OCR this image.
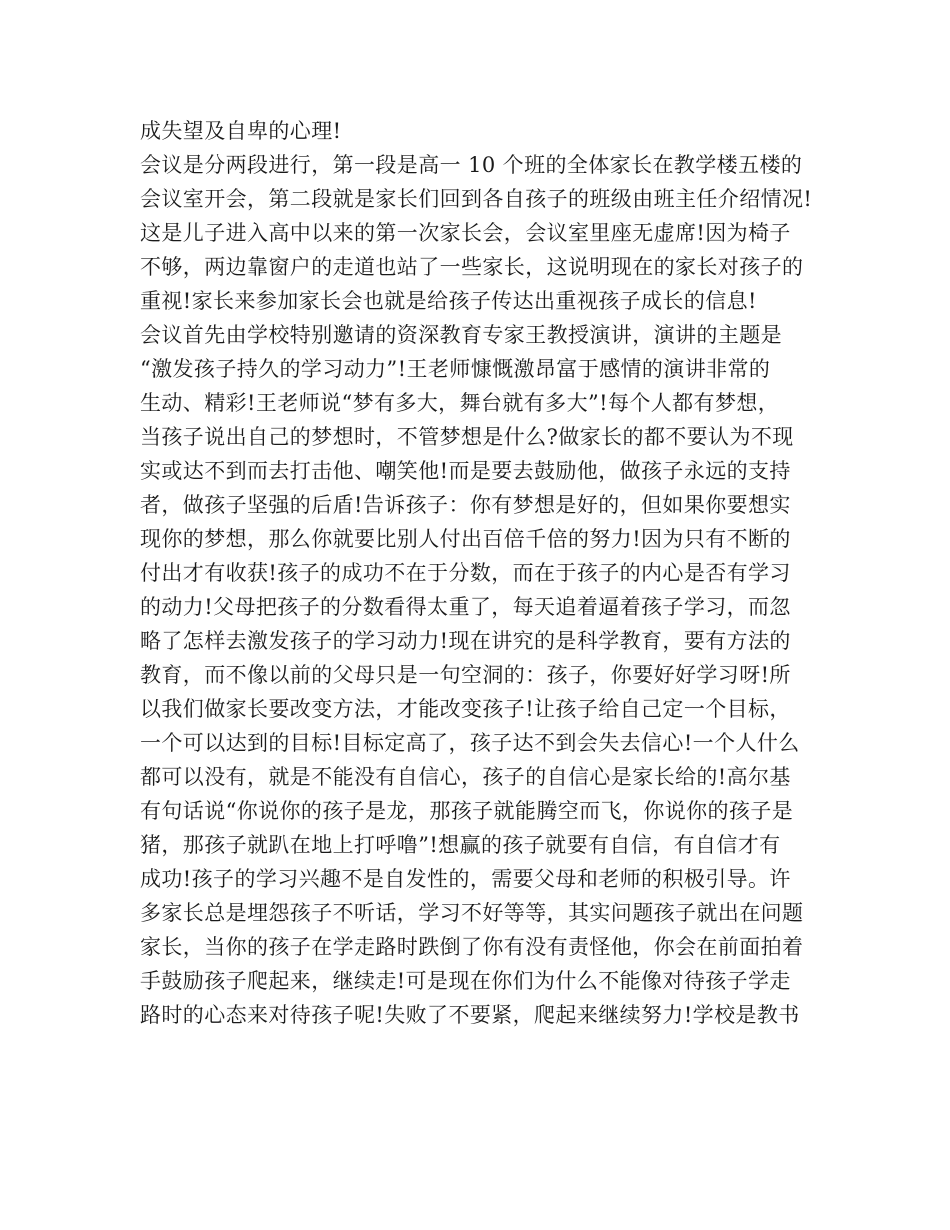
成失望及自卑的心理!
会议是分两段进行，第一段是高一 10 个班的全体家长在教学楼五楼的
会议室开会，第二段就是家长们回到各自孩子的班级由班主任介绍情况!
这是儿子进入高中以来的第一次家长会，会议室里座无虚席!因为椅子
不够，两边靠窗户的走道也站了一些家长，这说明现在的家长对孩子的
重视!家长来参加家长会也就是给孩子传达出重视孩子成长的信息!
会议首先由学校特别邀请的资深教育专家王教授演讲，演讲的主题是
“激发孩子持久的学习动力”!王老师慷慨激昂富于感情的演讲非常的
生动、精彩!王老师说“梦有多大，舞台就有多大”!每个人都有梦想，
当孩子说出自己的梦想时，不管梦想是什么?做家长的都不要认为不现
实或达不到而去打击他、嘲笑他!而是要去鼓励他，做孩子永远的支持
者，做孩子坚强的后盾!告诉孩子：你有梦想是好的，但如果你要想实
现你的梦想，那么你就要比别人付出百倍千倍的努力!因为只有不断的
付出才有收获!孩子的成功不在于分数，而在于孩子的内心是否有学习
的动力!父母把孩子的分数看得太重了，每天追着逼着孩子学习，而忽
略了怎样去激发孩子的学习动力!现在讲究的是科学教育，要有方法的
教育，而不像以前的父母只是一句空洞的：孩子，你要好好学习呀!所
以我们做家长要改变方法，才能改变孩子!让孩子给自己定一个目标，
一个可以达到的目标!目标定高了，孩子达不到会失去信心!一个人什么
都可以没有，就是不能没有自信心，孩子的自信心是家长给的!高尔基
有句话说“你说你的孩子是龙，那孩子就能腾空而飞，你说你的孩子是
猪，那孩子就趴在地上打呼噜”!想赢的孩子就要有自信，有自信才有
成功!孩子的学习兴趣不是自发性的，需要父母和老师的积极引导。许
多家长总是埋怨孩子不听话，学习不好等等，其实问题孩子就出在问题
家长，当你的孩子在学走路时跌倒了你有没有责怪他，你会在前面拍着
手鼓励孩子爬起来，继续走!可是现在你们为什么不能像对待孩子学走
路时的心态来对待孩子呢!失败了不要紧，爬起来继续努力!学校是教书
